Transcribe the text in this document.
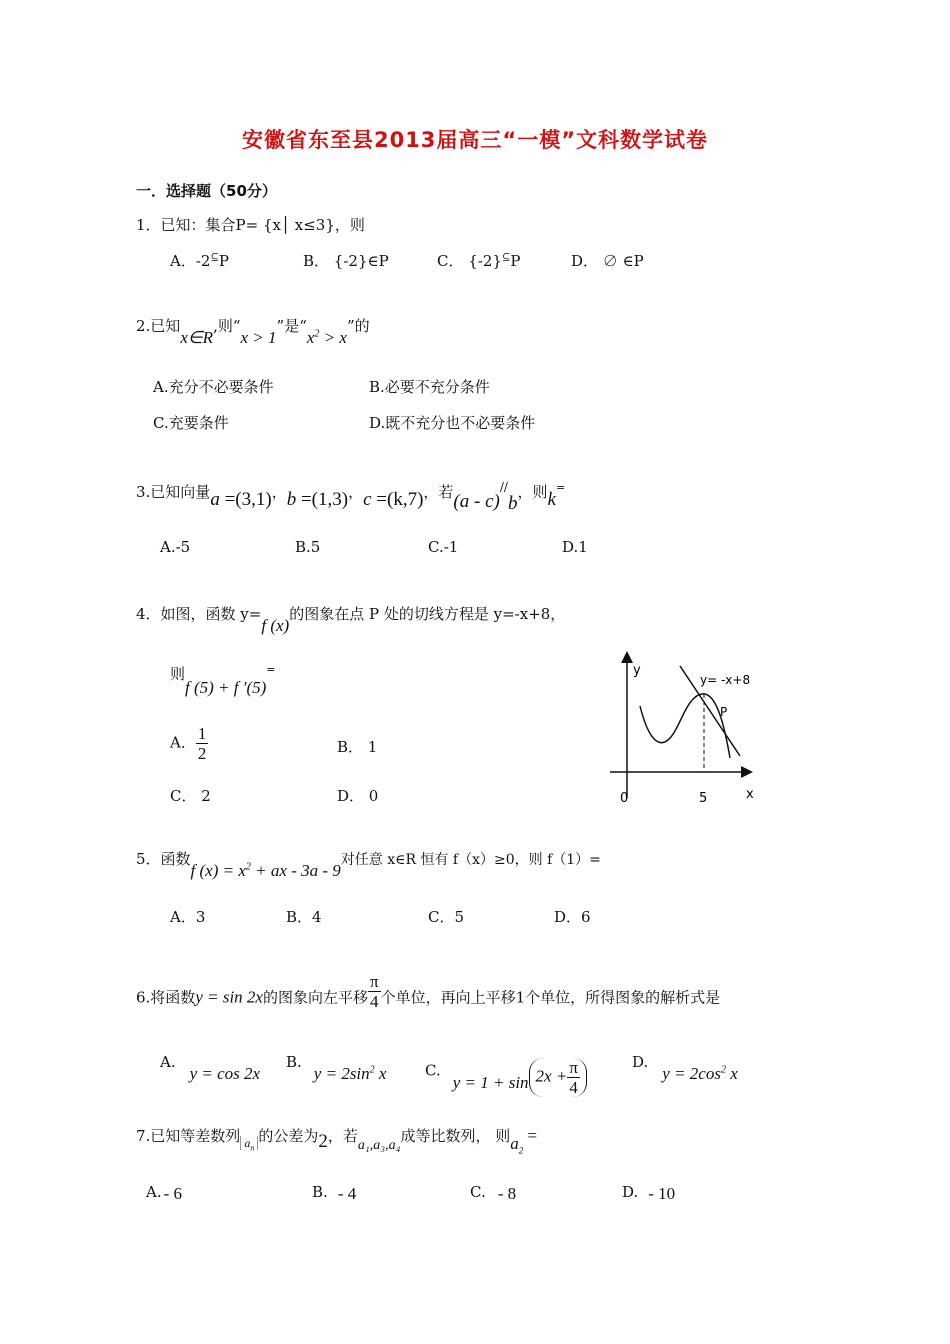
安徽省东至县2013届高三“一模”文科数学试卷
一．选择题（50分）
1．已知：集合P= {x│ x≤3}，则
A．-2⊆P	B． {-2}∈P	C． {-2}⊆P	D． ∅ ∈P
2.已知x∈R,则“x > 1”是“$x^2 > x$”的
A.充分不必要条件	B.必要不充分条件
C.充要条件	D.既不充分也不必要条件
3.已知向量a =(3,1)，b =(1,3)，c =(k,7)，若(a - c)//b，则k=
A.-5	B.5	C.-1	D.1
4．如图，函数 y=f (x)的图象在点 P 处的切线方程是 y=-x+8，
则f (5) + f ′(5)=
A． $\frac{1}{2}$	B． 1
C． 2	D． 0
y
x
0	5
y= -x+8
P
5．函数f $(x) = x^2$ + ax - 3a - 9对任意 x∈R 恒有 f（x）≥0，则 f（1）=
A．3	B．4	C．5	D．6
6.将函数y = sin 2x的图象向左平移 $\frac{\pi}{4}$ 个单位，再向上平移1个单位，所得图象的解析式是
A.y = cos 2x
$B.y = 2\sin^2$ x	$C.y = 1 + \sin 2x + \frac{\pi}{4}$	$D.y = 2\cos^2$ x
7.已知等差数列 $_{a_n}$的公差为2，若a₁,a₃,a₄成等比数列， 则$a_2$ =
A. - 6	B. - 4	C. - 8	D. - 10
